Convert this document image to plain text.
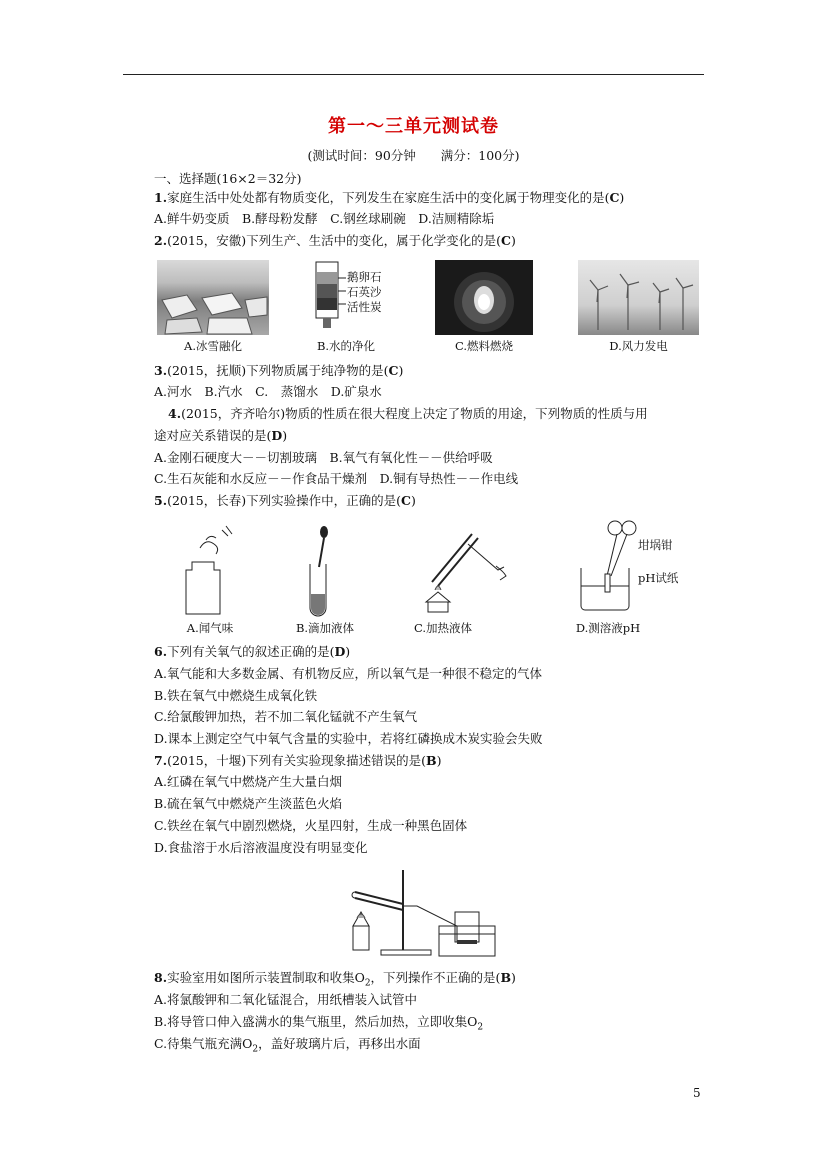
第一～三单元测试卷
(测试时间：90分钟　　满分：100分)
一、选择题(16×2＝32分)
1.家庭生活中处处都有物质变化，下列发生在家庭生活中的变化属于物理变化的是(C)
A.鲜牛奶变质　B.酵母粉发酵　C.钢丝球刷碗　D.洁厕精除垢
2.(2015，安徽)下列生产、生活中的变化，属于化学变化的是(C)
A.冰雪融化
鹅卵石
石英沙
活性炭
B.水的净化	C.燃料燃烧	D.风力发电
3.(2015，抚顺)下列物质属于纯净物的是(C)
A.河水　B.汽水　C.　蒸馏水　D.矿泉水
4.(2015，齐齐哈尔)物质的性质在很大程度上决定了物质的用途，下列物质的性质与用
途对应关系错误的是(D)
A.金刚石硬度大－－切割玻璃　B.氧气有氧化性－－供给呼吸
C.生石灰能和水反应－－作食品干燥剂　D.铜有导热性－－作电线
5.(2015，长春)下列实验操作中，正确的是(C)
A.闻气味	B.滴加液体	C.加热液体
坩埚钳
pH试纸
D.测溶液pH
6.下列有关氧气的叙述正确的是(D)
A.氧气能和大多数金属、有机物反应，所以氧气是一种很不稳定的气体
B.铁在氧气中燃烧生成氧化铁
C.给氯酸钾加热，若不加二氧化锰就不产生氧气
D.课本上测定空气中氧气含量的实验中，若将红磷换成木炭实验会失败
7.(2015，十堰)下列有关实验现象描述错误的是(B)
A.红磷在氧气中燃烧产生大量白烟
B.硫在氧气中燃烧产生淡蓝色火焰
C.铁丝在氧气中剧烈燃烧，火星四射，生成一种黑色固体
D.食盐溶于水后溶液温度没有明显变化
8.实验室用如图所示装置制取和收集$O_2$，下列操作不正确的是(B)
A.将氯酸钾和二氧化锰混合，用纸槽装入试管中
B.将导管口伸入盛满水的集气瓶里，然后加热，立即收集$O_2$
C.待集气瓶充满$O_2$，盖好玻璃片后，再移出水面
5
